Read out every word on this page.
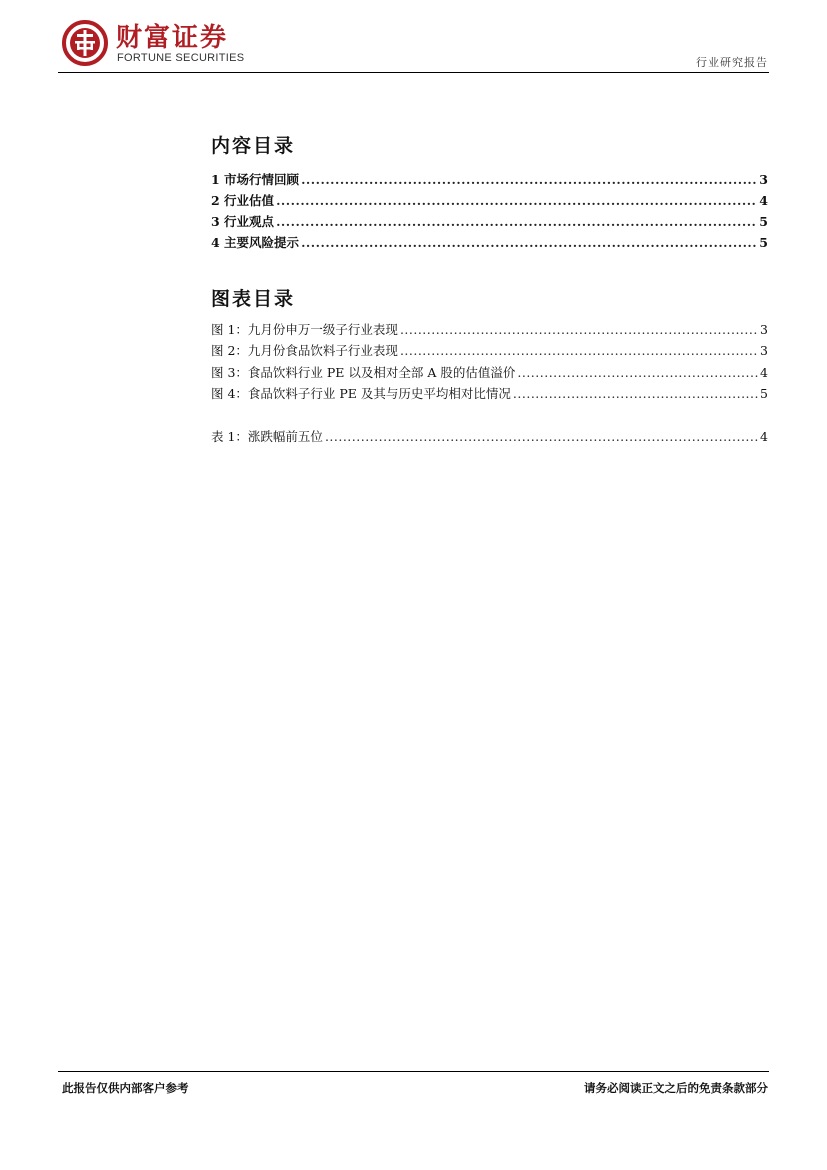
财富证券
FORTUNE SECURITIES	行业研究报告
内容目录
1 市场行情回顾 .....	3
2 行业估值 .....	4
3 行业观点 .....	5
4 主要风险提示 .....	5
图表目录
图 1：九月份申万一级子行业表现 .....	3
图 2：九月份食品饮料子行业表现 .....	3
图 3：食品饮料行业 PE 以及相对全部 A 股的估值溢价 .....	4
图 4：食品饮料子行业 PE 及其与历史平均相对比情况 .....	5
表 1：涨跌幅前五位 .....	4
此报告仅供内部客户参考	请务必阅读正文之后的免责条款部分
